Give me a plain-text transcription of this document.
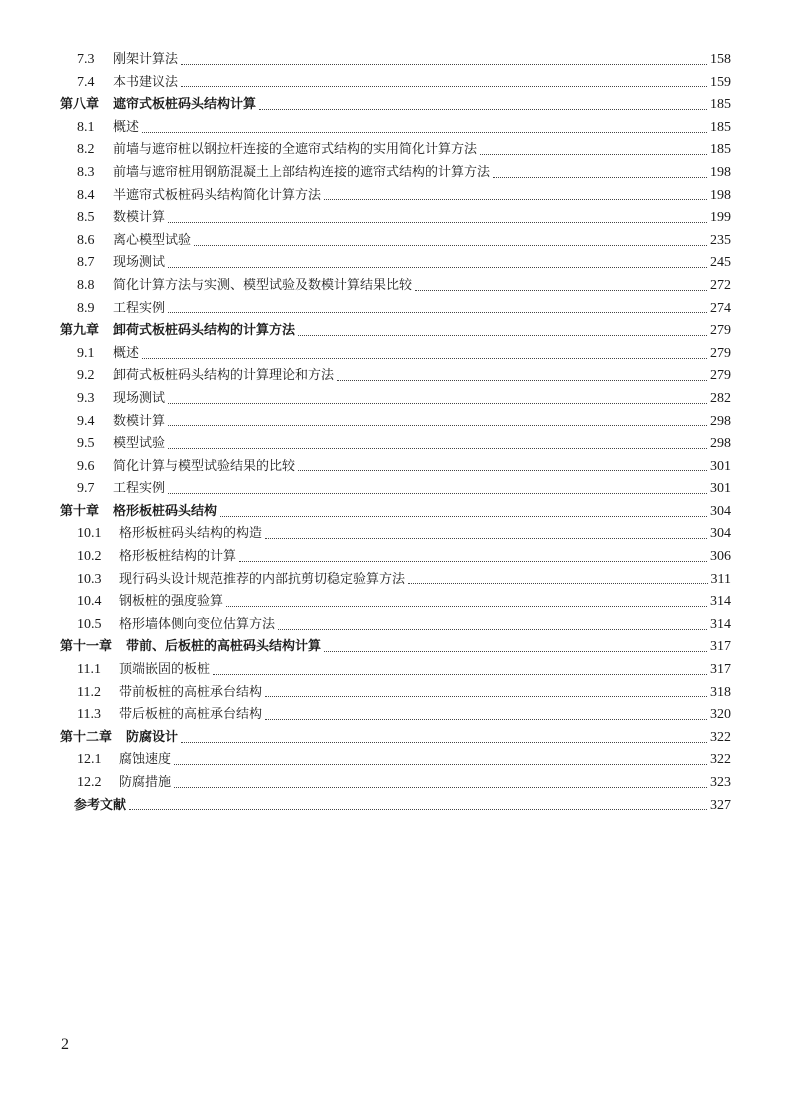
7.3	刚架计算法	158
7.4	本书建议法	159
第八章	遮帘式板桩码头结构计算	185
8.1	概述	185
8.2	前墙与遮帘桩以钢拉杆连接的全遮帘式结构的实用简化计算方法	185
8.3	前墙与遮帘桩用钢筋混凝土上部结构连接的遮帘式结构的计算方法	198
8.4	半遮帘式板桩码头结构简化计算方法	198
8.5	数模计算	199
8.6	离心模型试验	235
8.7	现场测试	245
8.8	简化计算方法与实测、模型试验及数模计算结果比较	272
8.9	工程实例	274
第九章	卸荷式板桩码头结构的计算方法	279
9.1	概述	279
9.2	卸荷式板桩码头结构的计算理论和方法	279
9.3	现场测试	282
9.4	数模计算	298
9.5	模型试验	298
9.6	简化计算与模型试验结果的比较	301
9.7	工程实例	301
第十章	格形板桩码头结构	304
10.1	格形板桩码头结构的构造	304
10.2	格形板桩结构的计算	306
10.3	现行码头设计规范推荐的内部抗剪切稳定验算方法	311
10.4	钢板桩的强度验算	314
10.5	格形墙体侧向变位估算方法	314
第十一章	带前、后板桩的高桩码头结构计算	317
11.1	顶端嵌固的板桩	317
11.2	带前板桩的高桩承台结构	318
11.3	带后板桩的高桩承台结构	320
第十二章	防腐设计	322
12.1	腐蚀速度	322
12.2	防腐措施	323
参考文献	327
2
